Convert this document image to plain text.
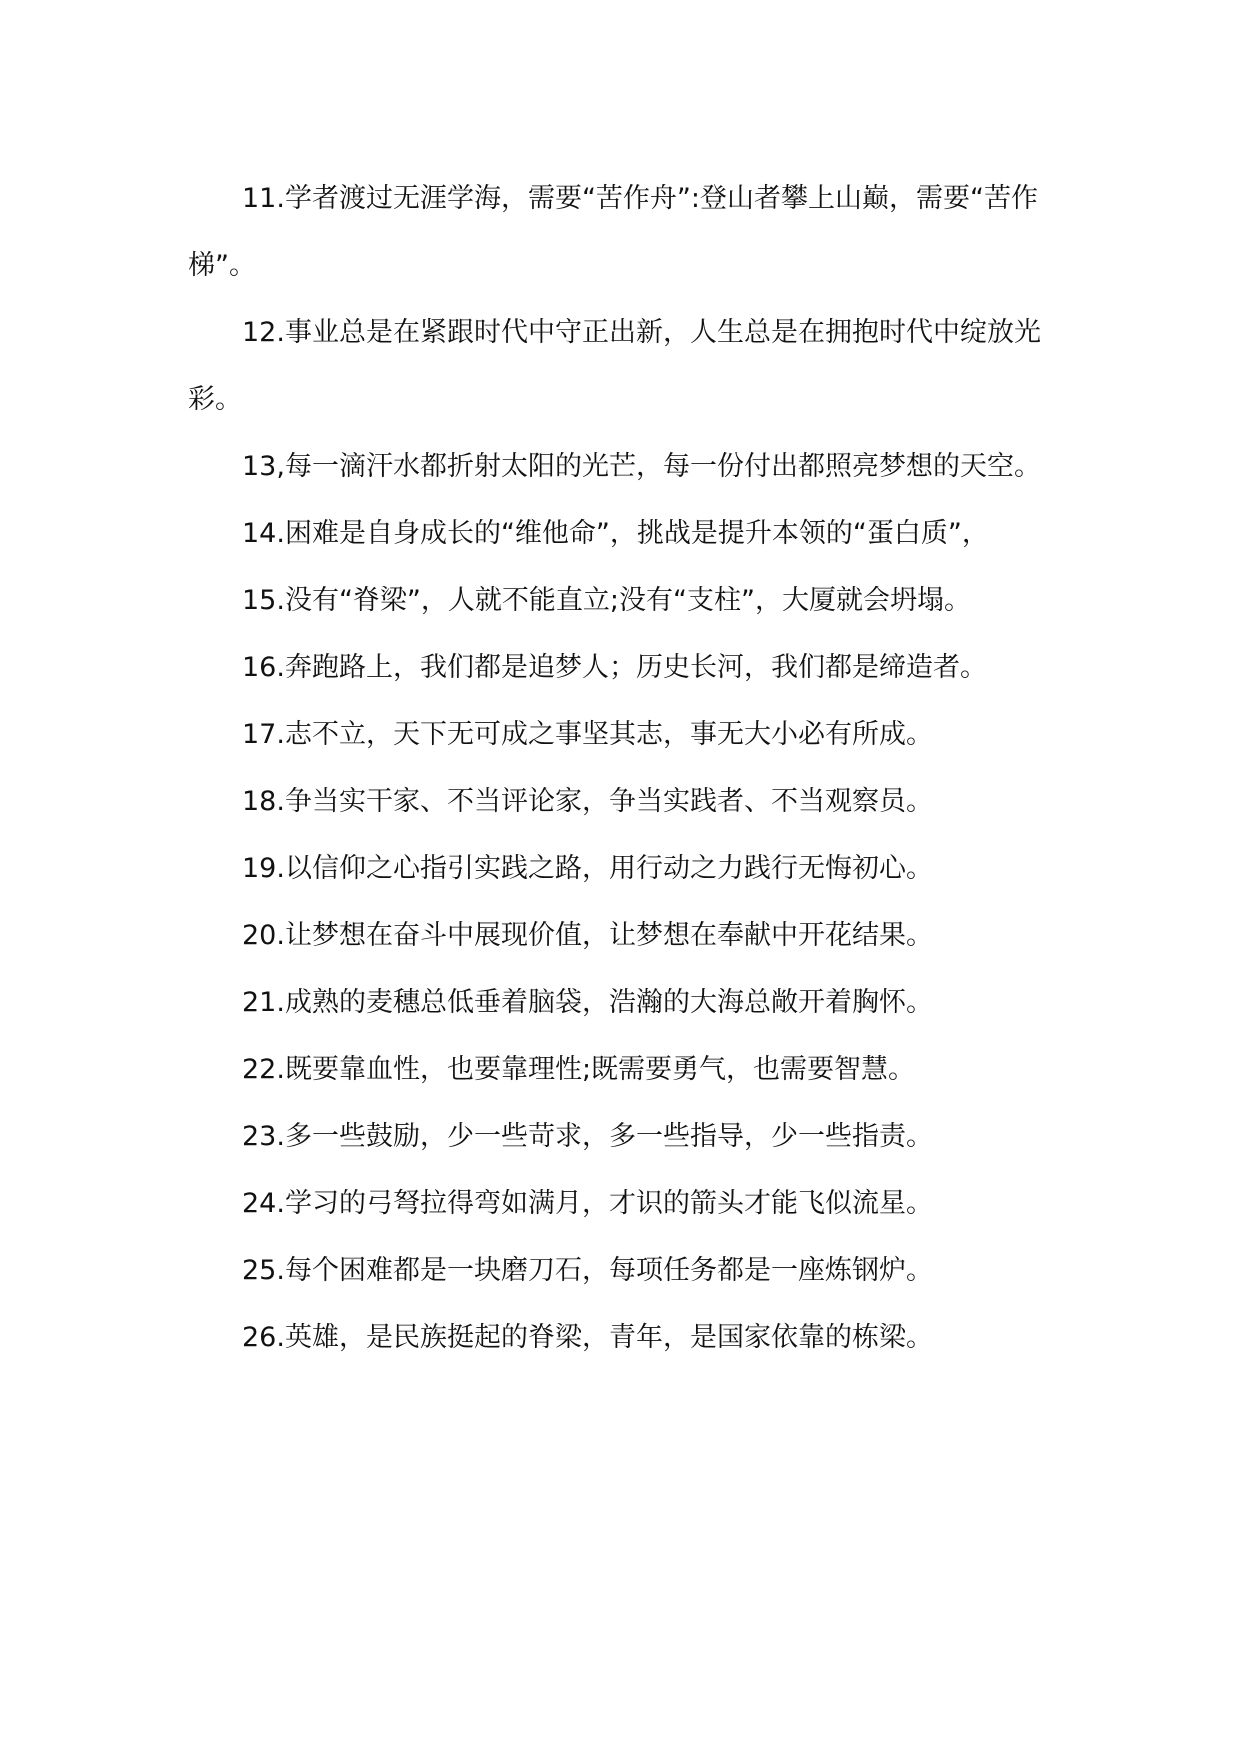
11.学者渡过无涯学海，需要“苦作舟”:登山者攀上山巅，需要“苦作梯”。

12.事业总是在紧跟时代中守正出新，人生总是在拥抱时代中绽放光彩。

13,每一滴汗水都折射太阳的光芒，每一份付出都照亮梦想的天空。

14.困难是自身成长的“维他命”，挑战是提升本领的“蛋白质”，

15.没有“脊梁”，人就不能直立;没有“支柱”，大厦就会坍塌。

16.奔跑路上，我们都是追梦人；历史长河，我们都是缔造者。

17.志不立，天下无可成之事坚其志，事无大小必有所成。

18.争当实干家、不当评论家，争当实践者、不当观察员。

19.以信仰之心指引实践之路，用行动之力践行无悔初心。

20.让梦想在奋斗中展现价值，让梦想在奉献中开花结果。

21.成熟的麦穗总低垂着脑袋，浩瀚的大海总敞开着胸怀。

22.既要靠血性，也要靠理性;既需要勇气，也需要智慧。

23.多一些鼓励，少一些苛求，多一些指导，少一些指责。

24.学习的弓弩拉得弯如满月，才识的箭头才能飞似流星。

25.每个困难都是一块磨刀石，每项任务都是一座炼钢炉。

26.英雄，是民族挺起的脊梁，青年，是国家依靠的栋梁。
